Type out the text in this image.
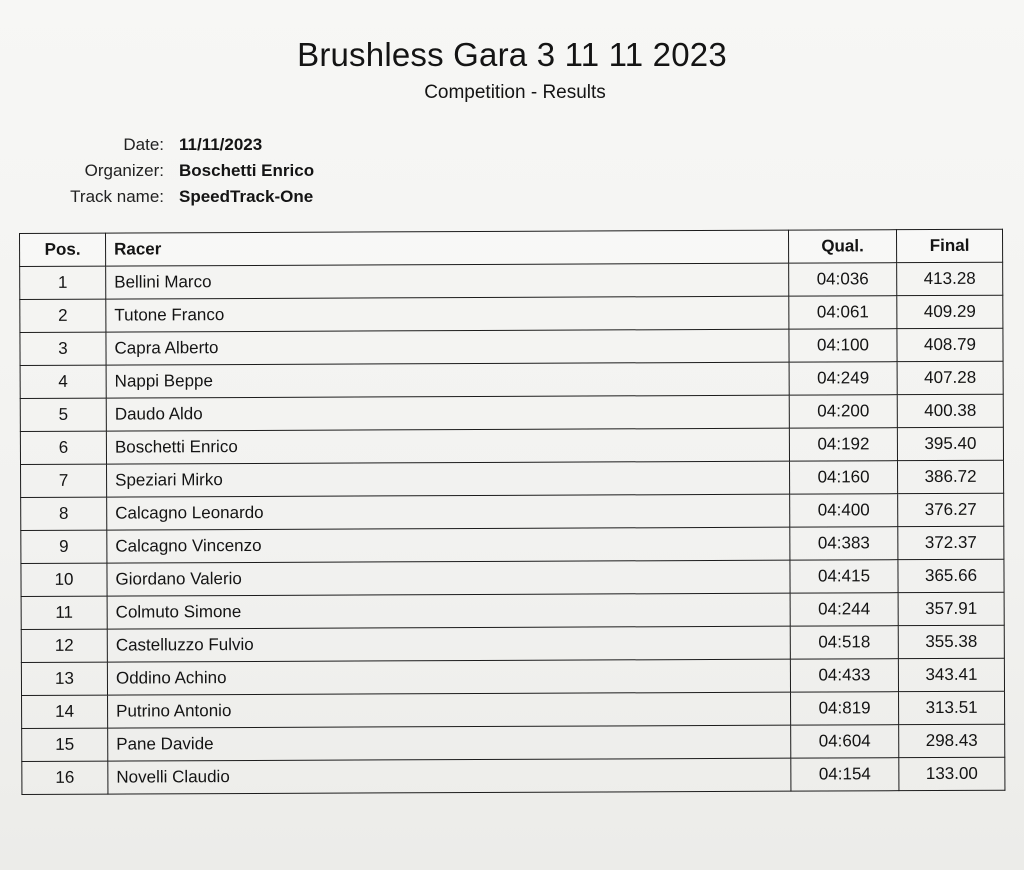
Brushless Gara 3 11 11 2023
Competition - Results
Date: 11/11/2023
Organizer: Boschetti Enrico
Track name: SpeedTrack-One
Pos.	Racer	Qual.	Final
1	Bellini Marco	04:036	413.28
2	Tutone Franco	04:061	409.29
3	Capra Alberto	04:100	408.79
4	Nappi Beppe	04:249	407.28
5	Daudo Aldo	04:200	400.38
6	Boschetti Enrico	04:192	395.40
7	Speziari Mirko	04:160	386.72
8	Calcagno Leonardo	04:400	376.27
9	Calcagno Vincenzo	04:383	372.37
10	Giordano Valerio	04:415	365.66
11	Colmuto Simone	04:244	357.91
12	Castelluzzo Fulvio	04:518	355.38
13	Oddino Achino	04:433	343.41
14	Putrino Antonio	04:819	313.51
15	Pane Davide	04:604	298.43
16	Novelli Claudio	04:154	133.00
